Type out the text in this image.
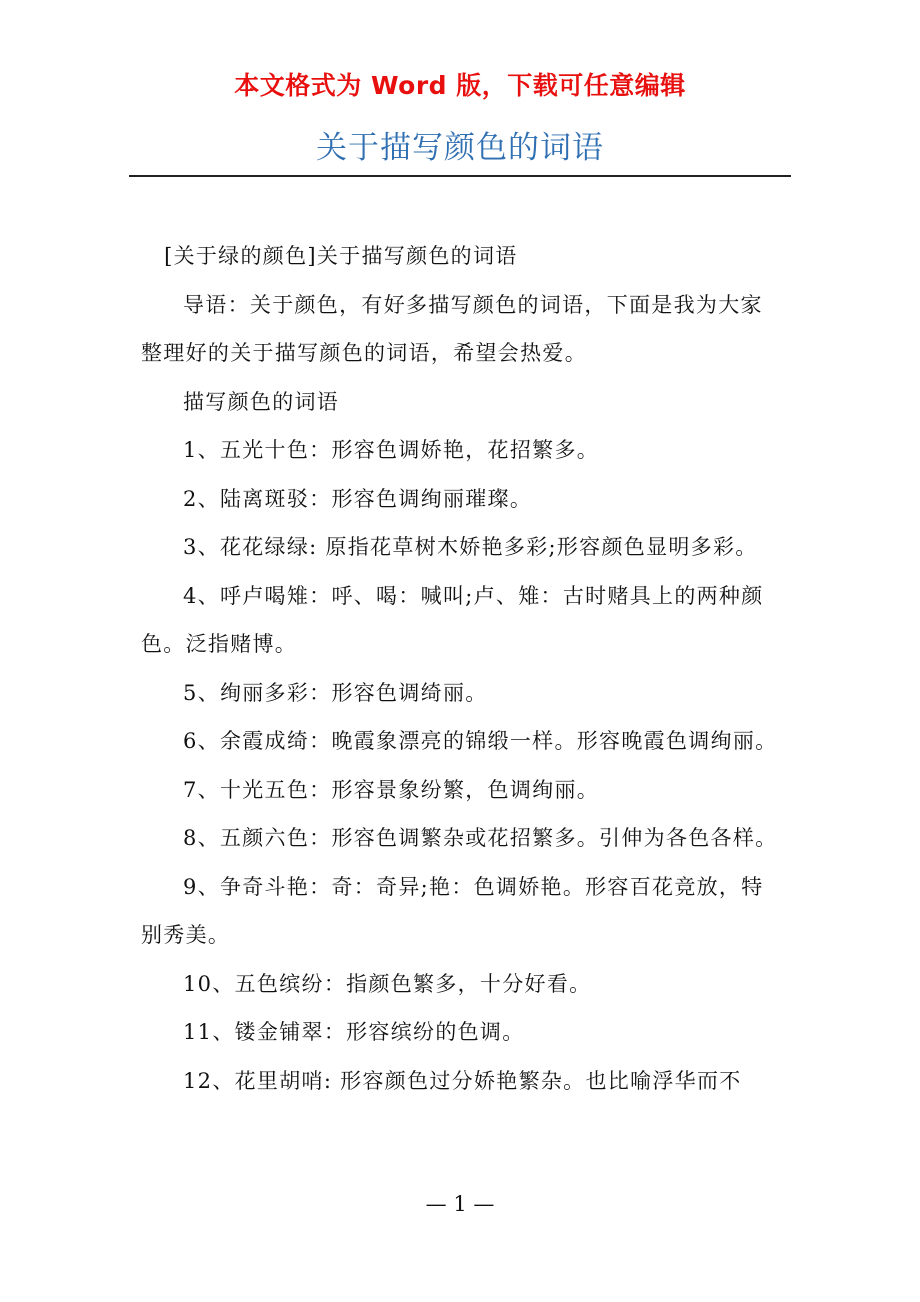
本文格式为 Word 版，下载可任意编辑
关于描写颜色的词语

[关于绿的颜色]关于描写颜色的词语

导语：关于颜色，有好多描写颜色的词语，下面是我为大家整理好的关于描写颜色的词语，希望会热爱。

描写颜色的词语

1、五光十色：形容色调娇艳，花招繁多。

2、陆离斑驳：形容色调绚丽璀璨。

3、花花绿绿: 原指花草树木娇艳多彩;形容颜色显明多彩。

4、呼卢喝雉：呼、喝：喊叫;卢、雉：古时赌具上的两种颜色。泛指赌博。

5、绚丽多彩：形容色调绮丽。

6、余霞成绮：晚霞象漂亮的锦缎一样。形容晚霞色调绚丽。

7、十光五色：形容景象纷繁，色调绚丽。

8、五颜六色：形容色调繁杂或花招繁多。引伸为各色各样。

9、争奇斗艳：奇：奇异;艳：色调娇艳。形容百花竞放，特别秀美。

10、五色缤纷：指颜色繁多，十分好看。

11、镂金铺翠：形容缤纷的色调。

12、花里胡哨: 形容颜色过分娇艳繁杂。也比喻浮华而不

— 1 —
